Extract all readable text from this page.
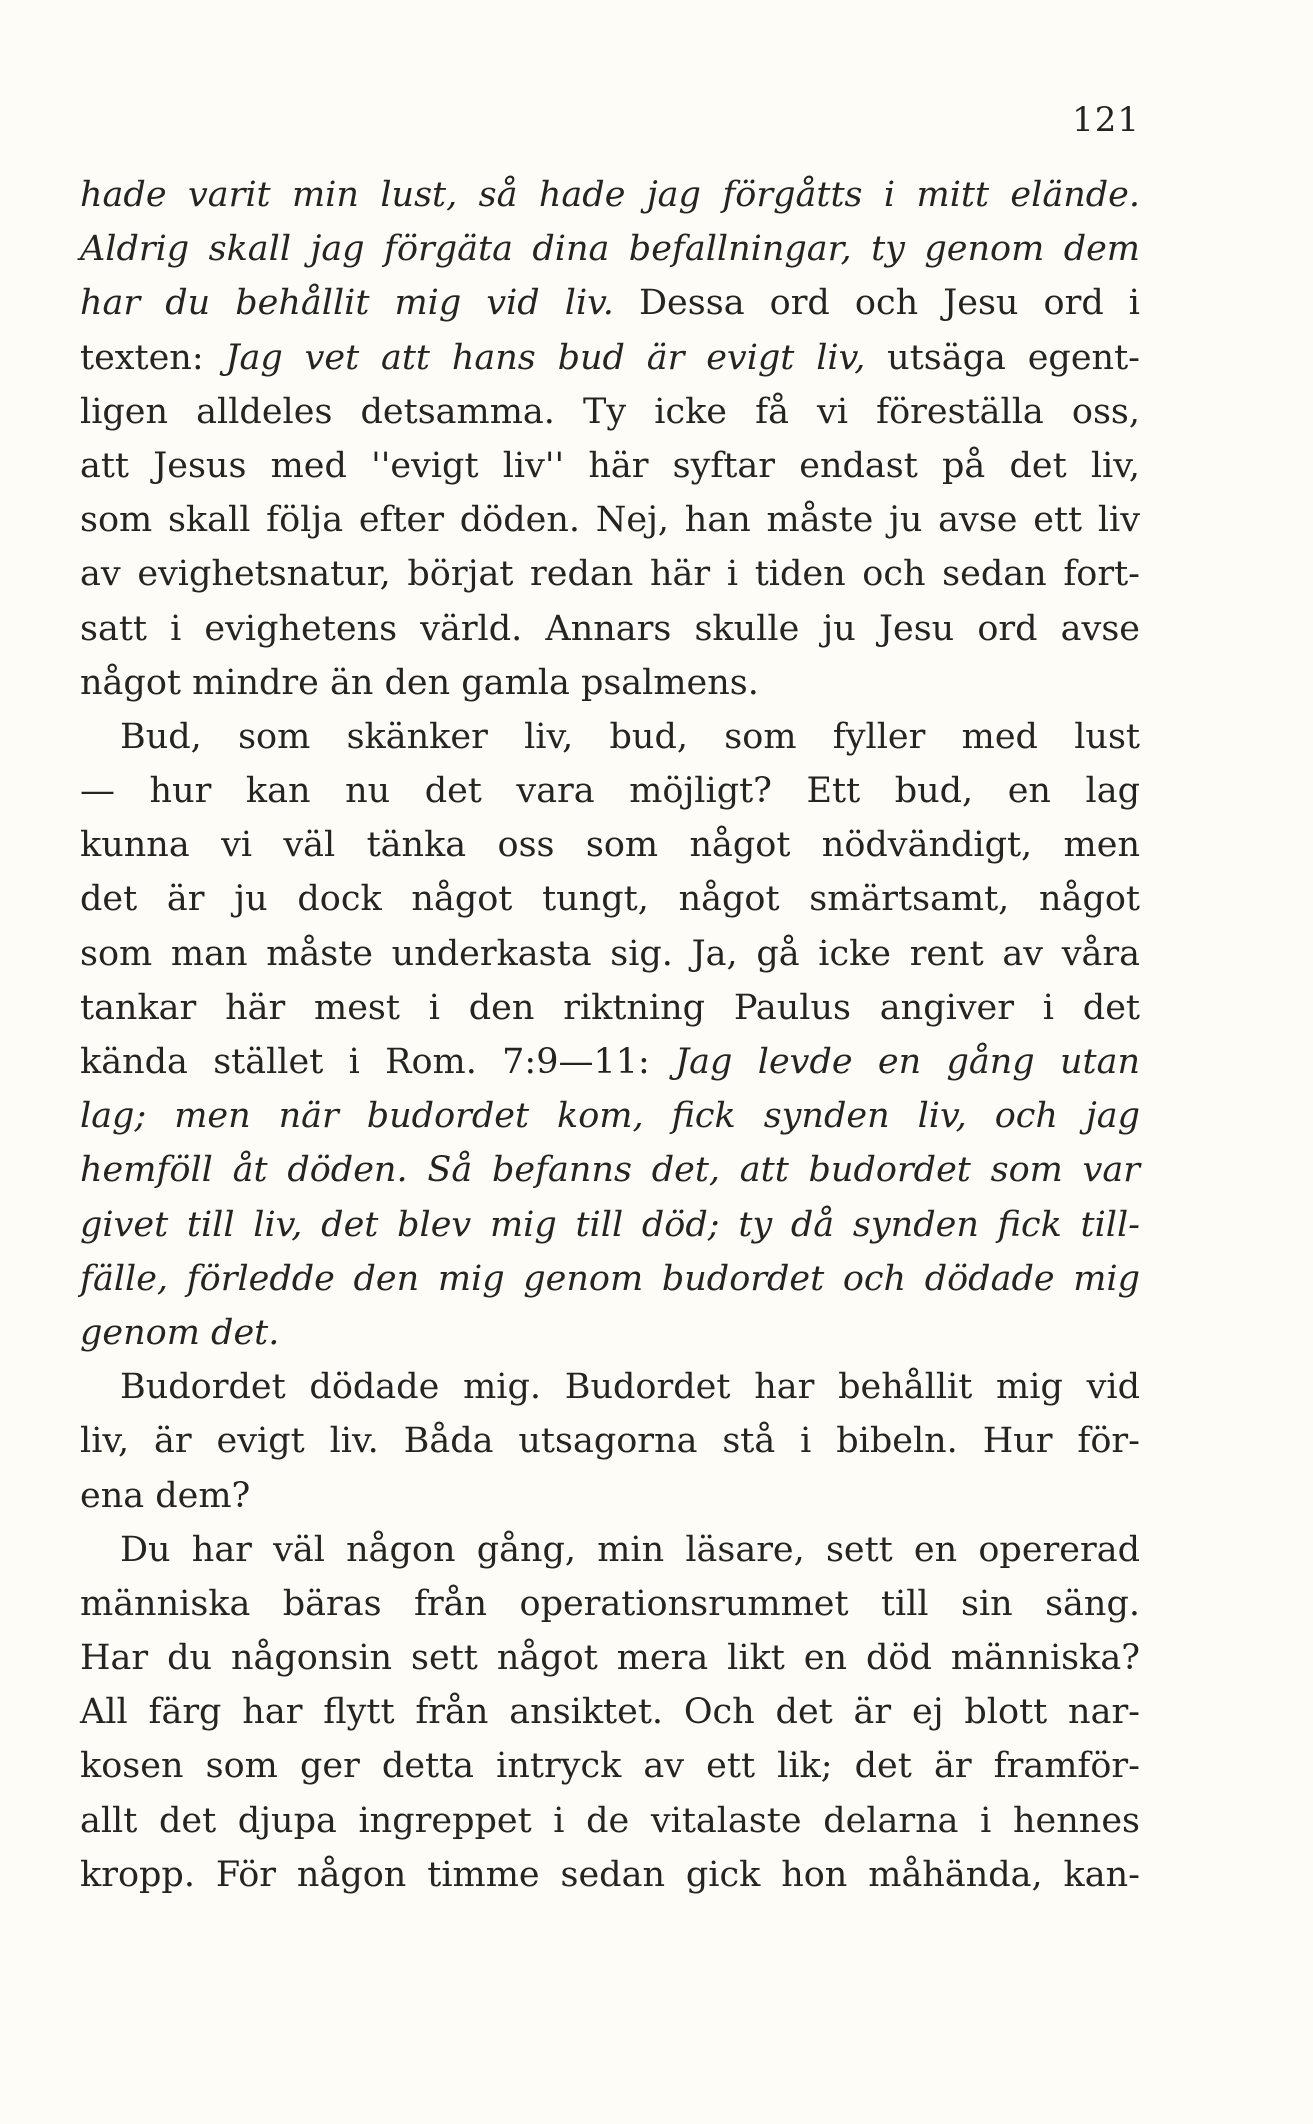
121
hade varit min lust, så hade jag förgåtts i mitt elände.
Aldrig skall jag förgäta dina befallningar, ty genom dem
har du behållit mig vid liv. Dessa ord och Jesu ord i
texten: Jag vet att hans bud är evigt liv, utsäga egent-
ligen alldeles detsamma. Ty icke få vi föreställa oss,
att Jesus med ''evigt liv'' här syftar endast på det liv,
som skall följa efter döden. Nej, han måste ju avse ett liv
av evighetsnatur, börjat redan här i tiden och sedan fort-
satt i evighetens värld. Annars skulle ju Jesu ord avse
något mindre än den gamla psalmens.
Bud, som skänker liv, bud, som fyller med lust
— hur kan nu det vara möjligt? Ett bud, en lag
kunna vi väl tänka oss som något nödvändigt, men
det är ju dock något tungt, något smärtsamt, något
som man måste underkasta sig. Ja, gå icke rent av våra
tankar här mest i den riktning Paulus angiver i det
kända stället i Rom. 7:9—11: Jag levde en gång utan
lag; men när budordet kom, fick synden liv, och jag
hemföll åt döden. Så befanns det, att budordet som var
givet till liv, det blev mig till död; ty då synden fick till-
fälle, förledde den mig genom budordet och dödade mig
genom det.
Budordet dödade mig. Budordet har behållit mig vid
liv, är evigt liv. Båda utsagorna stå i bibeln. Hur för-
ena dem?
Du har väl någon gång, min läsare, sett en opererad
människa bäras från operationsrummet till sin säng.
Har du någonsin sett något mera likt en död människa?
All färg har flytt från ansiktet. Och det är ej blott nar-
kosen som ger detta intryck av ett lik; det är framför-
allt det djupa ingreppet i de vitalaste delarna i hennes
kropp. För någon timme sedan gick hon måhända, kan-
